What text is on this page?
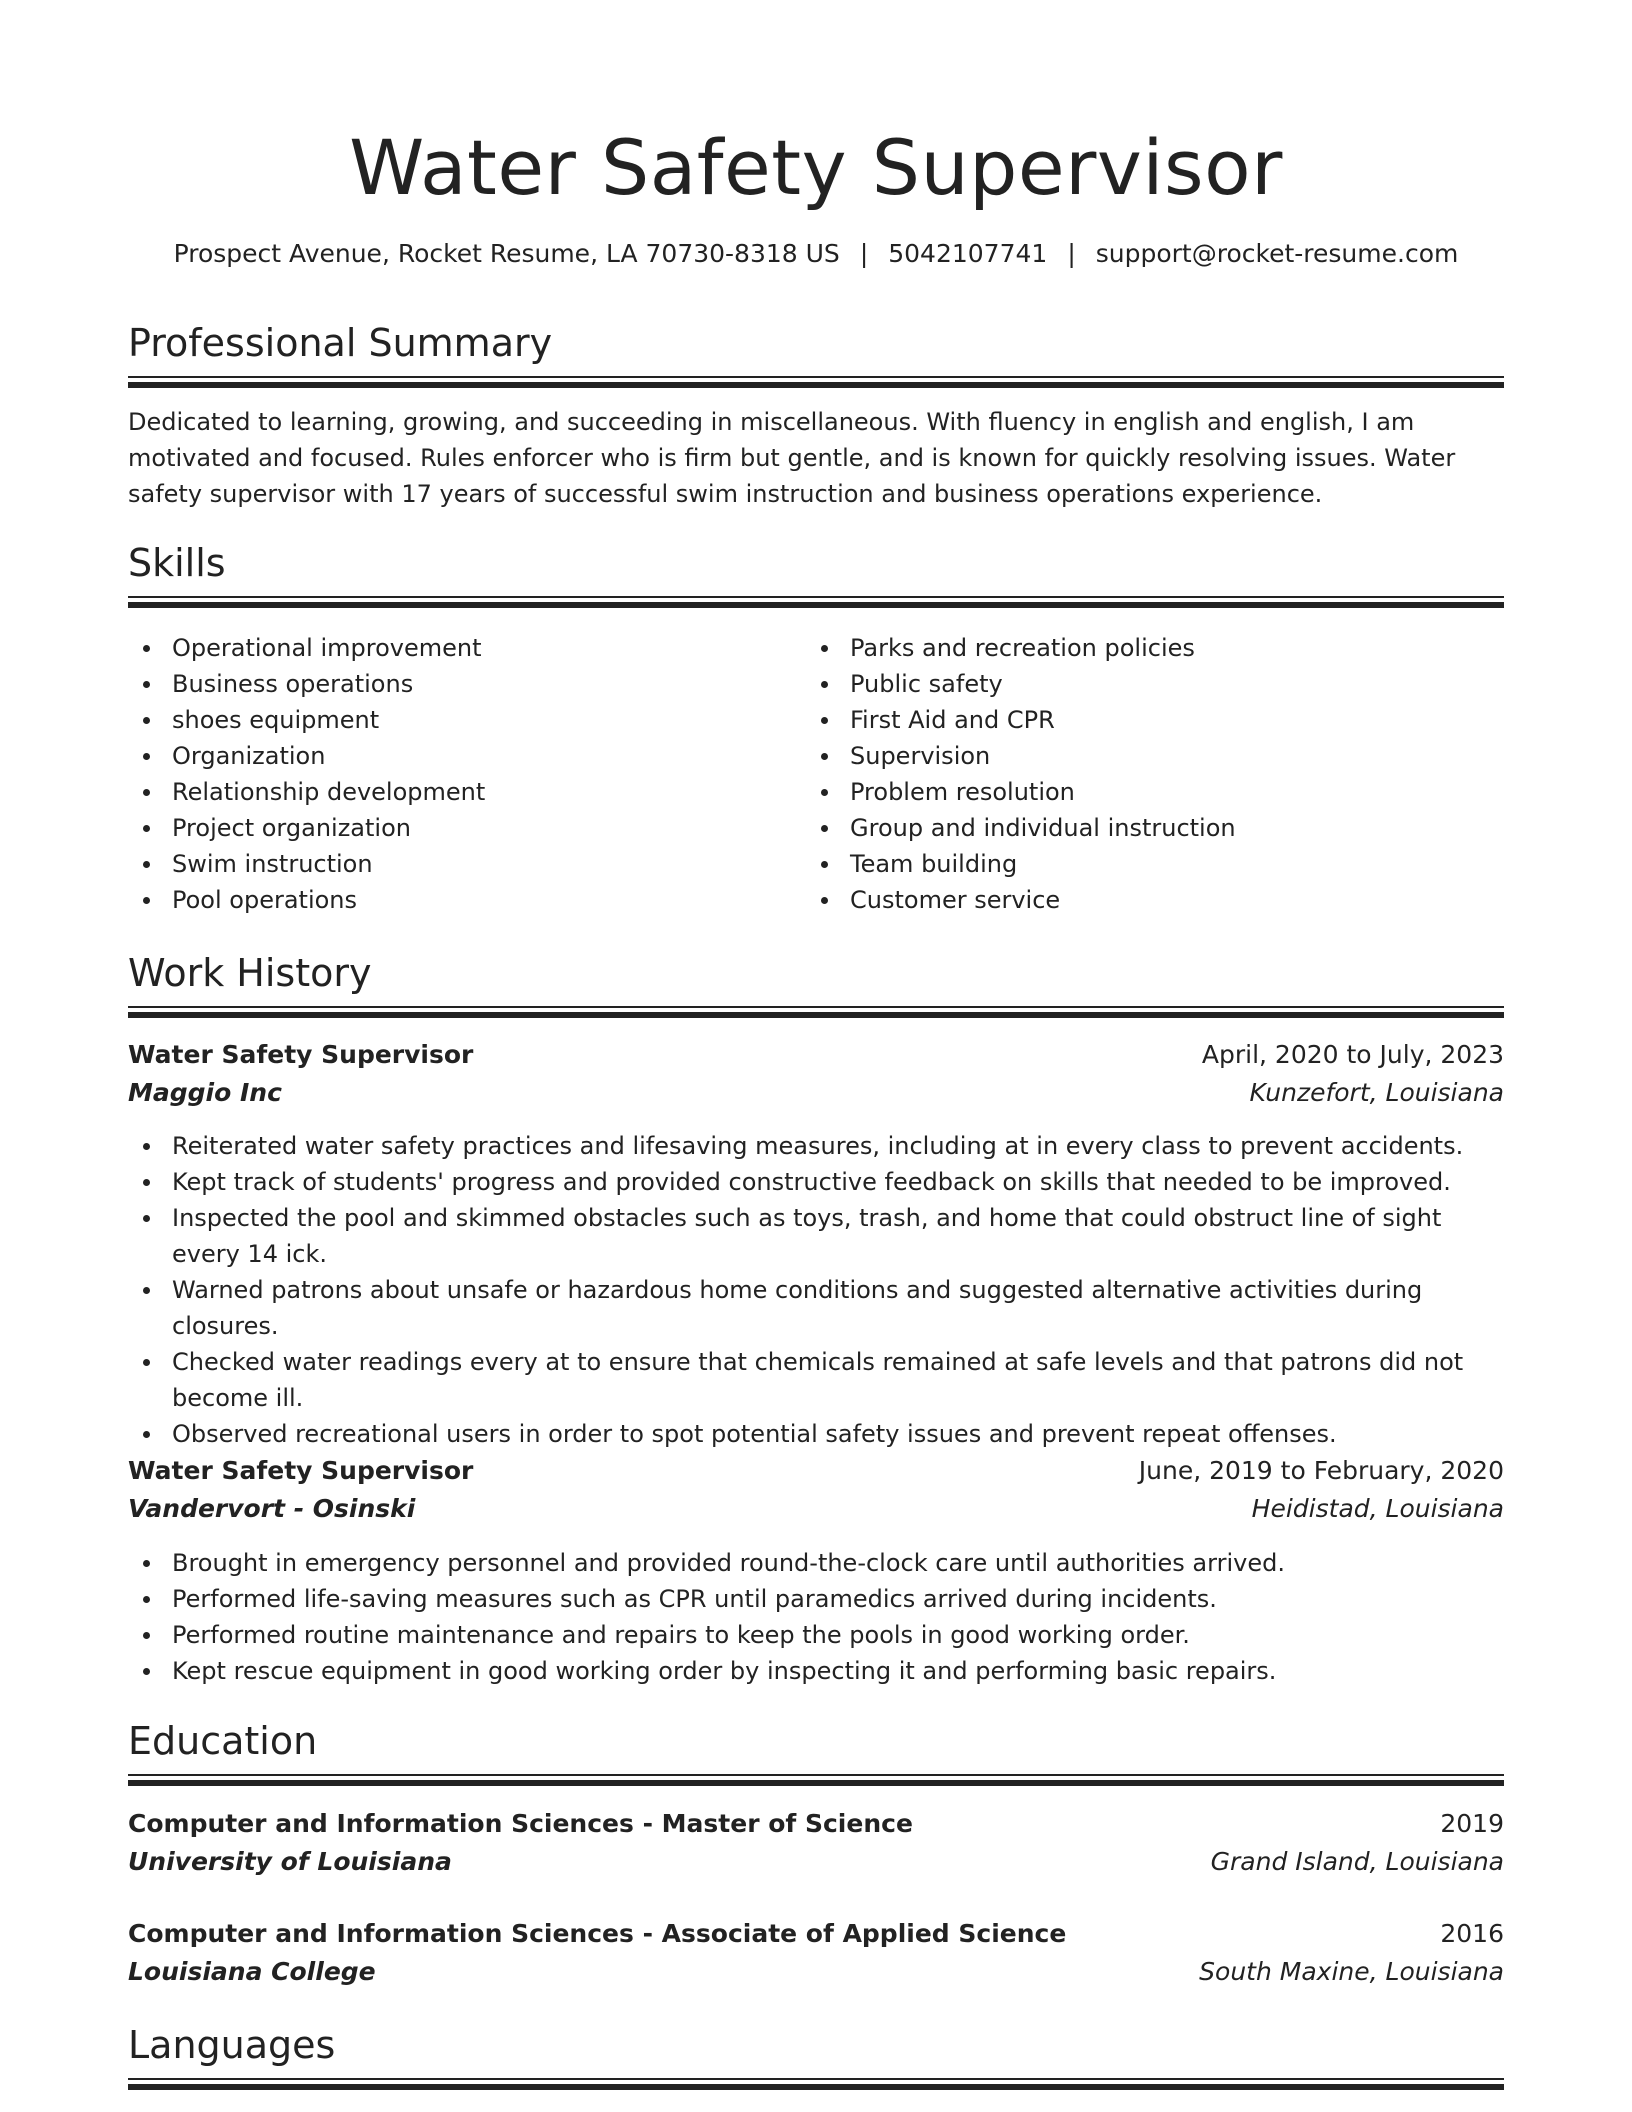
Water Safety Supervisor
Prospect Avenue, Rocket Resume, LA 70730-8318 US | 5042107741 | support@rocket-resume.com
Professional Summary

Dedicated to learning, growing, and succeeding in miscellaneous. With fluency in english and english, I am motivated and focused. Rules enforcer who is firm but gentle, and is known for quickly resolving issues. Water safety supervisor with 17 years of successful swim instruction and business operations experience.

Skills
Operational improvement
Business operations
shoes equipment
Organization
Relationship development
Project organization
Swim instruction
Pool operations
Parks and recreation policies
Public safety
First Aid and CPR
Supervision
Problem resolution
Group and individual instruction
Team building
Customer service
Work History
Water Safety Supervisor	April, 2020 to July, 2023
Maggio Inc	Kunzefort, Louisiana
Reiterated water safety practices and lifesaving measures, including at in every class to prevent accidents.
Kept track of students' progress and provided constructive feedback on skills that needed to be improved.
Inspected the pool and skimmed obstacles such as toys, trash, and home that could obstruct line of sight every 14 ick.
Warned patrons about unsafe or hazardous home conditions and suggested alternative activities during closures.
Checked water readings every at to ensure that chemicals remained at safe levels and that patrons did not become ill.
Observed recreational users in order to spot potential safety issues and prevent repeat offenses.
Water Safety Supervisor	June, 2019 to February, 2020
Vandervort - Osinski	Heidistad, Louisiana
Brought in emergency personnel and provided round-the-clock care until authorities arrived.
Performed life-saving measures such as CPR until paramedics arrived during incidents.
Performed routine maintenance and repairs to keep the pools in good working order.
Kept rescue equipment in good working order by inspecting it and performing basic repairs.
Education
Computer and Information Sciences - Master of Science	2019
University of Louisiana	Grand Island, Louisiana
Computer and Information Sciences - Associate of Applied Science	2016
Louisiana College	South Maxine, Louisiana
Languages
